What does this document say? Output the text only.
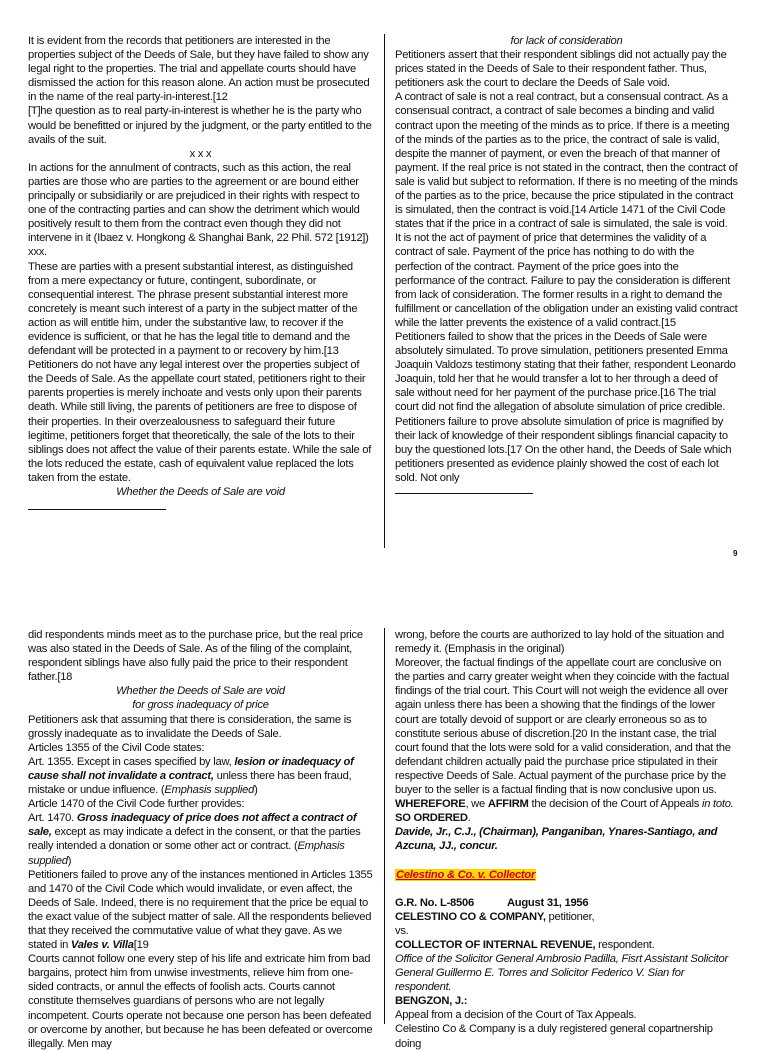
It is evident from the records that petitioners are interested in the properties subject of the Deeds of Sale, but they have failed to show any legal right to the properties. The trial and appellate courts should have dismissed the action for this reason alone. An action must be prosecuted in the name of the real party-in-interest.[12

[T]he question as to real party-in-interest is whether he is the party who would be benefitted or injured by the judgment, or the party entitled to the avails of the suit.

x x x

In actions for the annulment of contracts, such as this action, the real parties are those who are parties to the agreement or are bound either principally or subsidiarily or are prejudiced in their rights with respect to one of the contracting parties and can show the detriment which would positively result to them from the contract even though they did not intervene in it (Ibaez v. Hongkong & Shanghai Bank, 22 Phil. 572 [1912]) xxx.

These are parties with a present substantial interest, as distinguished from a mere expectancy or future, contingent, subordinate, or consequential interest. The phrase present substantial interest more concretely is meant such interest of a party in the subject matter of the action as will entitle him, under the substantive law, to recover if the evidence is sufficient, or that he has the legal title to demand and the defendant will be protected in a payment to or recovery by him.[13

Petitioners do not have any legal interest over the properties subject of the Deeds of Sale. As the appellate court stated, petitioners right to their parents properties is merely inchoate and vests only upon their parents death. While still living, the parents of petitioners are free to dispose of their properties. In their overzealousness to safeguard their future legitime, petitioners forget that theoretically, the sale of the lots to their siblings does not affect the value of their parents estate. While the sale of the lots reduced the estate, cash of equivalent value replaced the lots taken from the estate.

Whether the Deeds of Sale are void

for lack of consideration

Petitioners assert that their respondent siblings did not actually pay the prices stated in the Deeds of Sale to their respondent father. Thus, petitioners ask the court to declare the Deeds of Sale void.

A contract of sale is not a real contract, but a consensual contract. As a consensual contract, a contract of sale becomes a binding and valid contract upon the meeting of the minds as to price. If there is a meeting of the minds of the parties as to the price, the contract of sale is valid, despite the manner of payment, or even the breach of that manner of payment. If the real price is not stated in the contract, then the contract of sale is valid but subject to reformation. If there is no meeting of the minds of the parties as to the price, because the price stipulated in the contract is simulated, then the contract is void.[14 Article 1471 of the Civil Code states that if the price in a contract of sale is simulated, the sale is void.

It is not the act of payment of price that determines the validity of a contract of sale. Payment of the price has nothing to do with the perfection of the contract. Payment of the price goes into the performance of the contract. Failure to pay the consideration is different from lack of consideration. The former results in a right to demand the fulfillment or cancellation of the obligation under an existing valid contract while the latter prevents the existence of a valid contract.[15

Petitioners failed to show that the prices in the Deeds of Sale were absolutely simulated. To prove simulation, petitioners presented Emma Joaquin Valdozs testimony stating that their father, respondent Leonardo Joaquin, told her that he would transfer a lot to her through a deed of sale without need for her payment of the purchase price.[16 The trial court did not find the allegation of absolute simulation of price credible. Petitioners failure to prove absolute simulation of price is magnified by their lack of knowledge of their respondent siblings financial capacity to buy the questioned lots.[17 On the other hand, the Deeds of Sale which petitioners presented as evidence plainly showed the cost of each lot sold. Not only

9

did respondents minds meet as to the purchase price, but the real price was also stated in the Deeds of Sale. As of the filing of the complaint, respondent siblings have also fully paid the price to their respondent father.[18

Whether the Deeds of Sale are void

for gross inadequacy of price

Petitioners ask that assuming that there is consideration, the same is grossly inadequate as to invalidate the Deeds of Sale.

Articles 1355 of the Civil Code states:

Art. 1355. Except in cases specified by law, lesion or inadequacy of cause shall not invalidate a contract, unless there has been fraud, mistake or undue influence. (Emphasis supplied)

Article 1470 of the Civil Code further provides:

Art. 1470. Gross inadequacy of price does not affect a contract of sale, except as may indicate a defect in the consent, or that the parties really intended a donation or some other act or contract. (Emphasis supplied)

Petitioners failed to prove any of the instances mentioned in Articles 1355 and 1470 of the Civil Code which would invalidate, or even affect, the Deeds of Sale. Indeed, there is no requirement that the price be equal to the exact value of the subject matter of sale. All the respondents believed that they received the commutative value of what they gave. As we stated in Vales v. Villa[19

Courts cannot follow one every step of his life and extricate him from bad bargains, protect him from unwise investments, relieve him from one-sided contracts, or annul the effects of foolish acts. Courts cannot constitute themselves guardians of persons who are not legally incompetent. Courts operate not because one person has been defeated or overcome by another, but because he has been defeated or overcome illegally. Men may

wrong, before the courts are authorized to lay hold of the situation and remedy it. (Emphasis in the original)

Moreover, the factual findings of the appellate court are conclusive on the parties and carry greater weight when they coincide with the factual findings of the trial court. This Court will not weigh the evidence all over again unless there has been a showing that the findings of the lower court are totally devoid of support or are clearly erroneous so as to constitute serious abuse of discretion.[20 In the instant case, the trial court found that the lots were sold for a valid consideration, and that the defendant children actually paid the purchase price stipulated in their respective Deeds of Sale. Actual payment of the purchase price by the buyer to the seller is a factual finding that is now conclusive upon us.

WHEREFORE, we AFFIRM the decision of the Court of Appeals in toto.

SO ORDERED.

Davide, Jr., C.J., (Chairman), Panganiban, Ynares-Santiago, and Azcuna, JJ., concur.

Celestino & Co. v. Collector

G.R. No. L-8506	August 31, 1956

CELESTINO CO & COMPANY, petitioner,

vs.

COLLECTOR OF INTERNAL REVENUE, respondent.

Office of the Solicitor General Ambrosio Padilla, Fisrt Assistant Solicitor General Guillermo E. Torres and Solicitor Federico V. Sian for respondent.

BENGZON, J.:

Appeal from a decision of the Court of Tax Appeals.

Celestino Co & Company is a duly registered general copartnership doing
